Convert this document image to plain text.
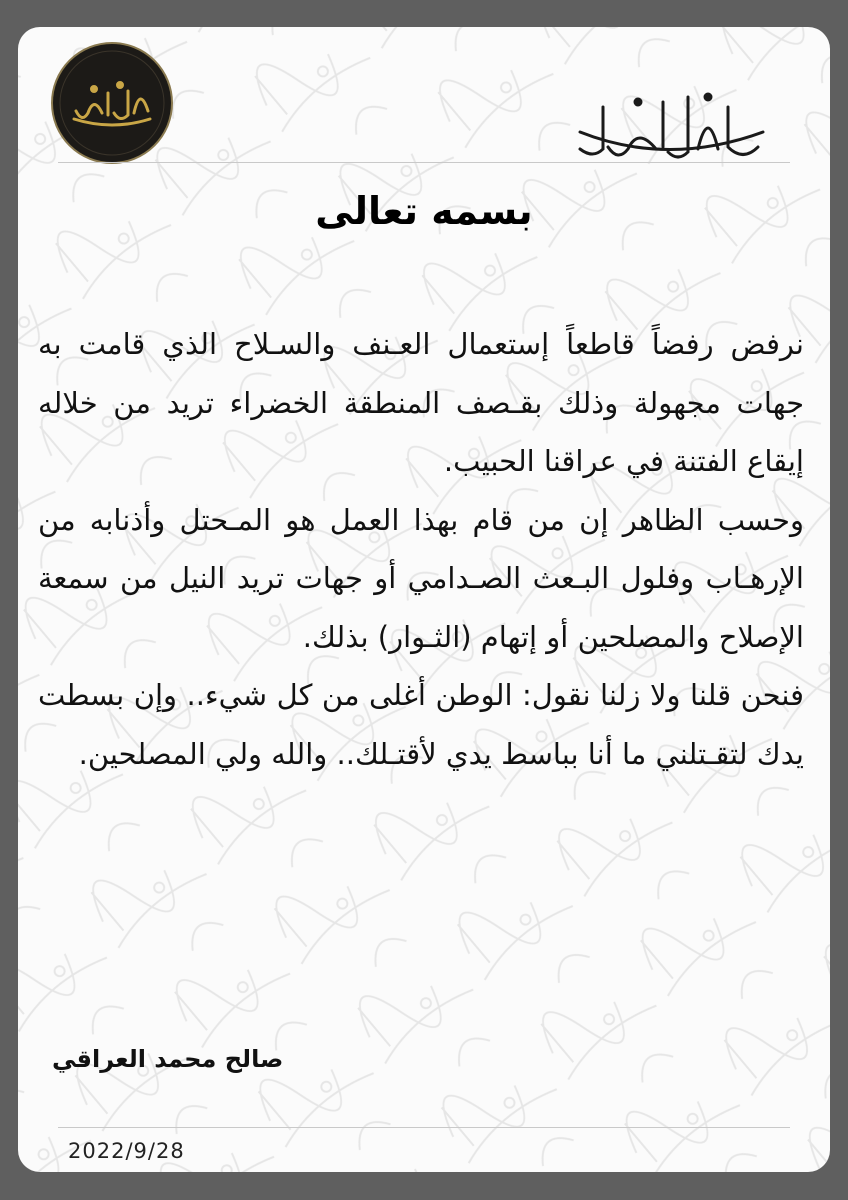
بسمه تعالى

نرفض رفضاً قاطعاً إستعمال العـنف والسـلاح الذي قامت به جهات مجهولة وذلك بقـصف المنطقة الخضراء تريد من خلاله إيقاع الفتنة في عراقنا الحبيب.

وحسب الظاهر إن من قام بهذا العمل هو المـحتل وأذنابه من الإرهـاب وفلول البـعث الصـدامي أو جهات تريد النيل من سمعة الإصلاح والمصلحين أو إتهام (الثـوار) بذلك.

فنحن قلنا ولا زلنا نقول: الوطن أغلى من كل شيء.. وإن بسطت يدك لتقـتلني ما أنا بباسط يدي لأقتـلك.. والله ولي المصلحين.

صالح محمد العراقي
2022/9/28
